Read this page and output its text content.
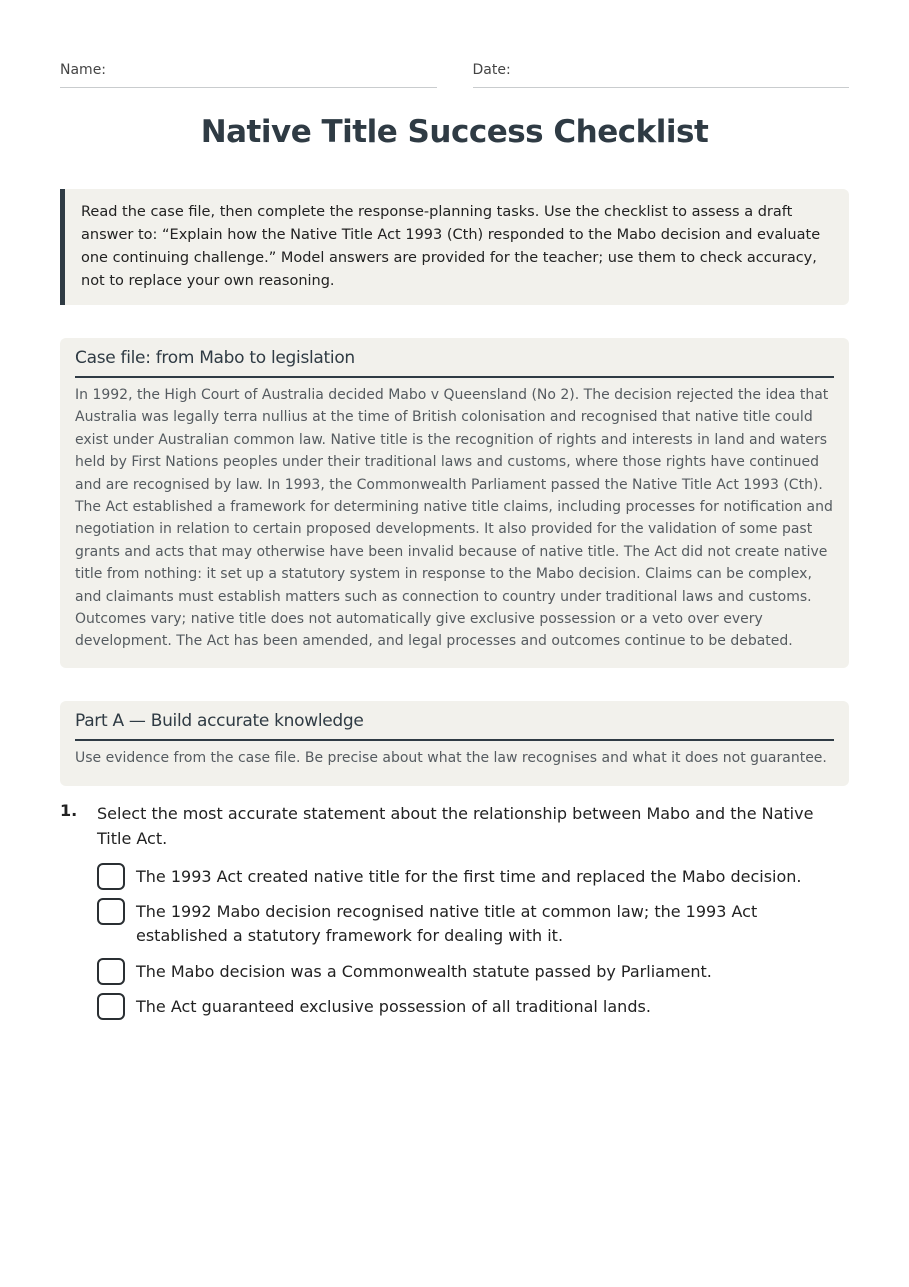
Name:	Date:
Native Title Success Checklist
Read the case file, then complete the response-planning tasks. Use the checklist to assess a draft answer to: “Explain how the Native Title Act 1993 (Cth) responded to the Mabo decision and evaluate one continuing challenge.” Model answers are provided for the teacher; use them to check accuracy, not to replace your own reasoning.
Case file: from Mabo to legislation

In 1992, the High Court of Australia decided Mabo v Queensland (No 2). The decision rejected the idea that Australia was legally terra nullius at the time of British colonisation and recognised that native title could exist under Australian common law. Native title is the recognition of rights and interests in land and waters held by First Nations peoples under their traditional laws and customs, where those rights have continued and are recognised by law. In 1993, the Commonwealth Parliament passed the Native Title Act 1993 (Cth). The Act established a framework for determining native title claims, including processes for notification and negotiation in relation to certain proposed developments. It also provided for the validation of some past grants and acts that may otherwise have been invalid because of native title. The Act did not create native title from nothing: it set up a statutory system in response to the Mabo decision. Claims can be complex, and claimants must establish matters such as connection to country under traditional laws and customs. Outcomes vary; native title does not automatically give exclusive possession or a veto over every development. The Act has been amended, and legal processes and outcomes continue to be debated.

Part A — Build accurate knowledge

Use evidence from the case file. Be precise about what the law recognises and what it does not guarantee.

1. Select the most accurate statement about the relationship between Mabo and the Native Title Act.
The 1993 Act created native title for the first time and replaced the Mabo decision.
The 1992 Mabo decision recognised native title at common law; the 1993 Act established a statutory framework for dealing with it.
The Mabo decision was a Commonwealth statute passed by Parliament.
The Act guaranteed exclusive possession of all traditional lands.
